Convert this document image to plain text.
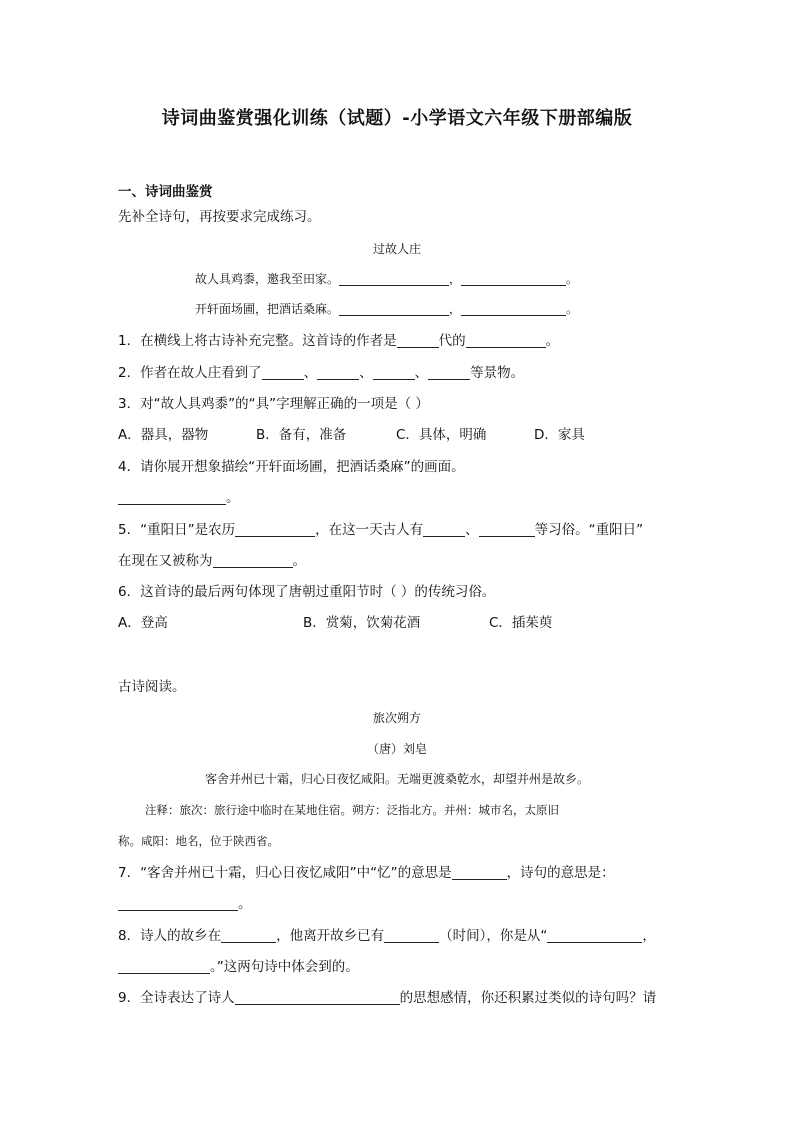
诗词曲鉴赏强化训练（试题）-小学语文六年级下册部编版
一、诗词曲鉴赏
先补全诗句，再按要求完成练习。
过故人庄
故人具鸡黍，邀我至田家。	，	。
开轩面场圃，把酒话桑麻。	，	。
1．在横线上将古诗补充完整。这首诗的作者是	代的	。
2．作者在故人庄看到了	、	、	、	等景物。
3．对“故人具鸡黍”的“具”字理解正确的一项是（ ）
A．器具，器物	B．备有，准备	C．具体，明确	D．家具
4．请你展开想象描绘“开轩面场圃，把酒话桑麻”的画面。
。
5．“重阳日”是农历	，在这一天古人有	、	等习俗。“重阳日”
在现在又被称为	。
6．这首诗的最后两句体现了唐朝过重阳节时（ ）的传统习俗。
A．登高	B．赏菊，饮菊花酒	C．插茱萸
古诗阅读。
旅次朔方
（唐）刘皂
客舍并州已十霜，归心日夜忆咸阳。无端更渡桑乾水，却望并州是故乡。
注释：旅次：旅行途中临时在某地住宿。朔方：泛指北方。并州：城市名，太原旧
称。咸阳：地名，位于陕西省。
7．“客舍并州已十霜，归心日夜忆咸阳”中“忆”的意思是	，诗句的意思是：
。
8．诗人的故乡在	，他离开故乡已有	（时间），你是从“	，
。”这两句诗中体会到的。
9．全诗表达了诗人	的思想感情，你还积累过类似的诗句吗？请
